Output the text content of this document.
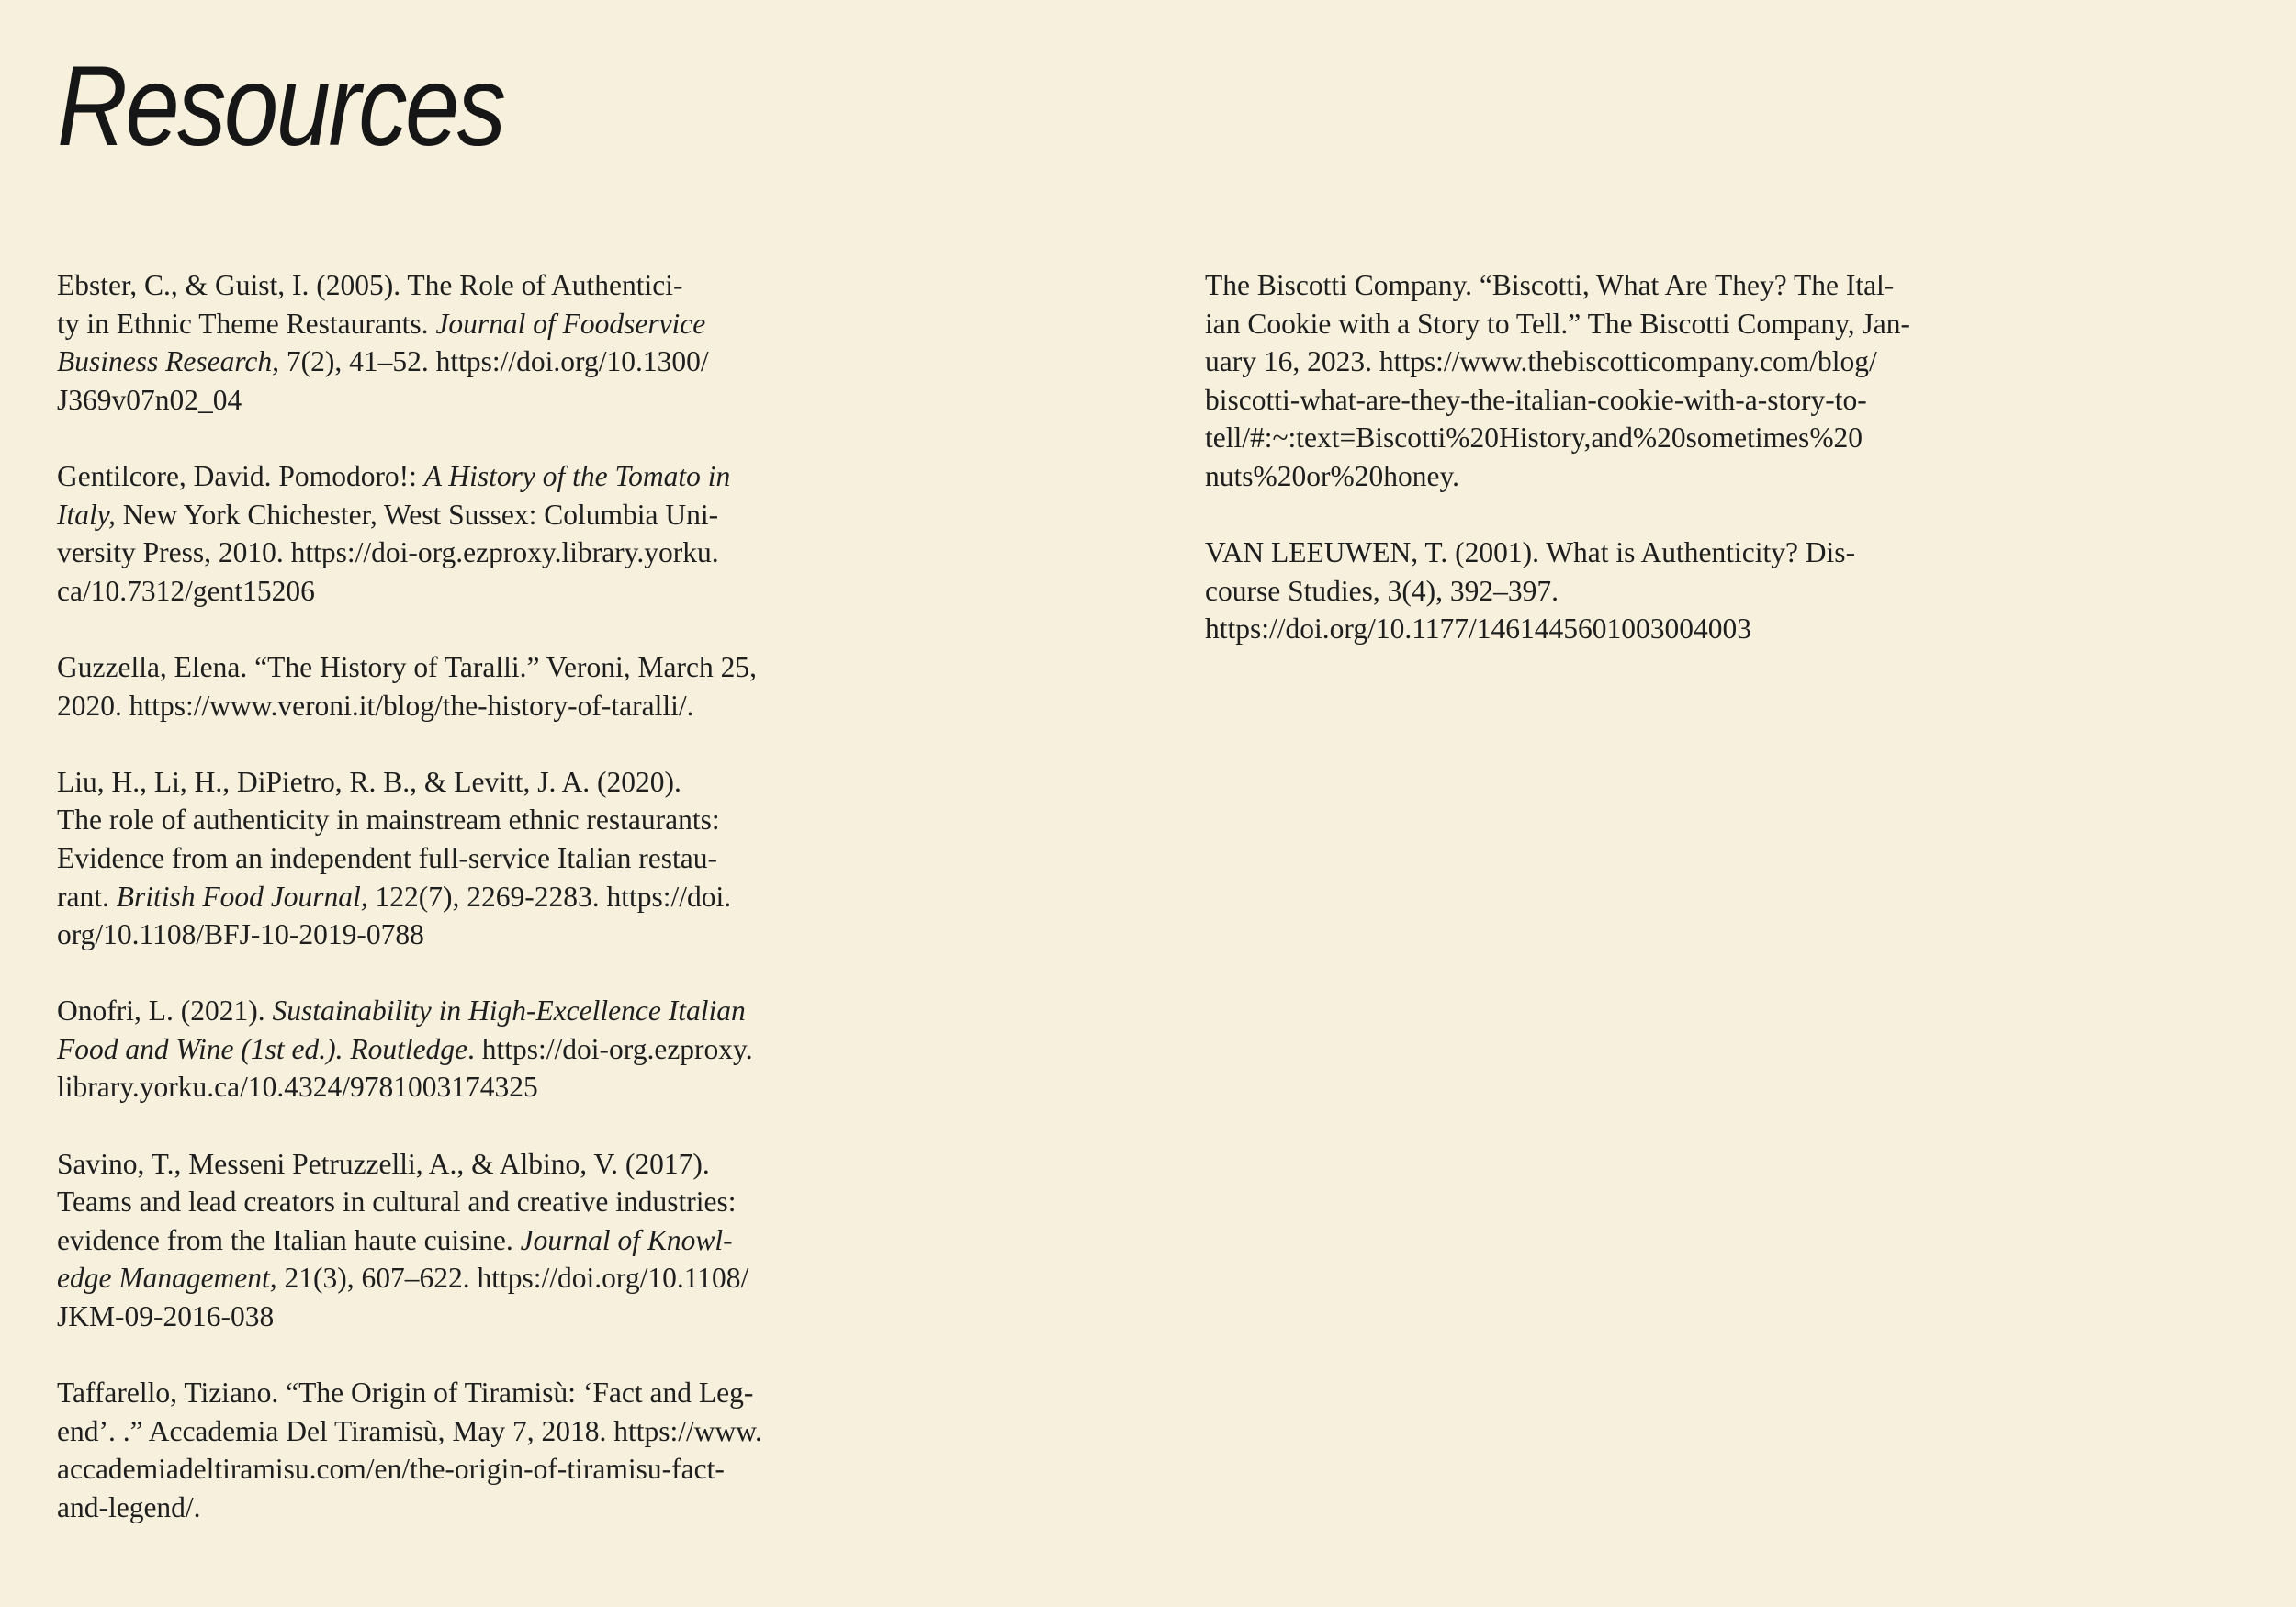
Resources

Ebster, C., & Guist, I. (2005). The Role of Authentici-
ty in Ethnic Theme Restaurants. Journal of Foodservice
Business Research, 7(2), 41–52. https://doi.org/10.1300/
J369v07n02_04

Gentilcore, David. Pomodoro!: A History of the Tomato in
Italy, New York Chichester, West Sussex: Columbia Uni-
versity Press, 2010. https://doi-org.ezproxy.library.yorku.
ca/10.7312/gent15206

Guzzella, Elena. “The History of Taralli.” Veroni, March 25,
2020. https://www.veroni.it/blog/the-history-of-taralli/.

Liu, H., Li, H., DiPietro, R. B., & Levitt, J. A. (2020).
The role of authenticity in mainstream ethnic restaurants:
Evidence from an independent full-service Italian restau-
rant. British Food Journal, 122(7), 2269-2283. https://doi.
org/10.1108/BFJ-10-2019-0788

Onofri, L. (2021). Sustainability in High-Excellence Italian
Food and Wine (1st ed.). Routledge. https://doi-org.ezproxy.
library.yorku.ca/10.4324/9781003174325

Savino, T., Messeni Petruzzelli, A., & Albino, V. (2017).
Teams and lead creators in cultural and creative industries:
evidence from the Italian haute cuisine. Journal of Knowl-
edge Management, 21(3), 607–622. https://doi.org/10.1108/
JKM-09-2016-038

Taffarello, Tiziano. “The Origin of Tiramisù: ‘Fact and Leg-
end’. .” Accademia Del Tiramisù, May 7, 2018. https://www.
accademiadeltiramisu.com/en/the-origin-of-tiramisu-fact-
and-legend/.

The Biscotti Company. “Biscotti, What Are They? The Ital-
ian Cookie with a Story to Tell.” The Biscotti Company, Jan-
uary 16, 2023. https://www.thebiscotticompany.com/blog/
biscotti-what-are-they-the-italian-cookie-with-a-story-to-
tell/#:~:text=Biscotti%20History,and%20sometimes%20
nuts%20or%20honey.

VAN LEEUWEN, T. (2001). What is Authenticity? Dis-
course Studies, 3(4), 392–397.
https://doi.org/10.1177/1461445601003004003
